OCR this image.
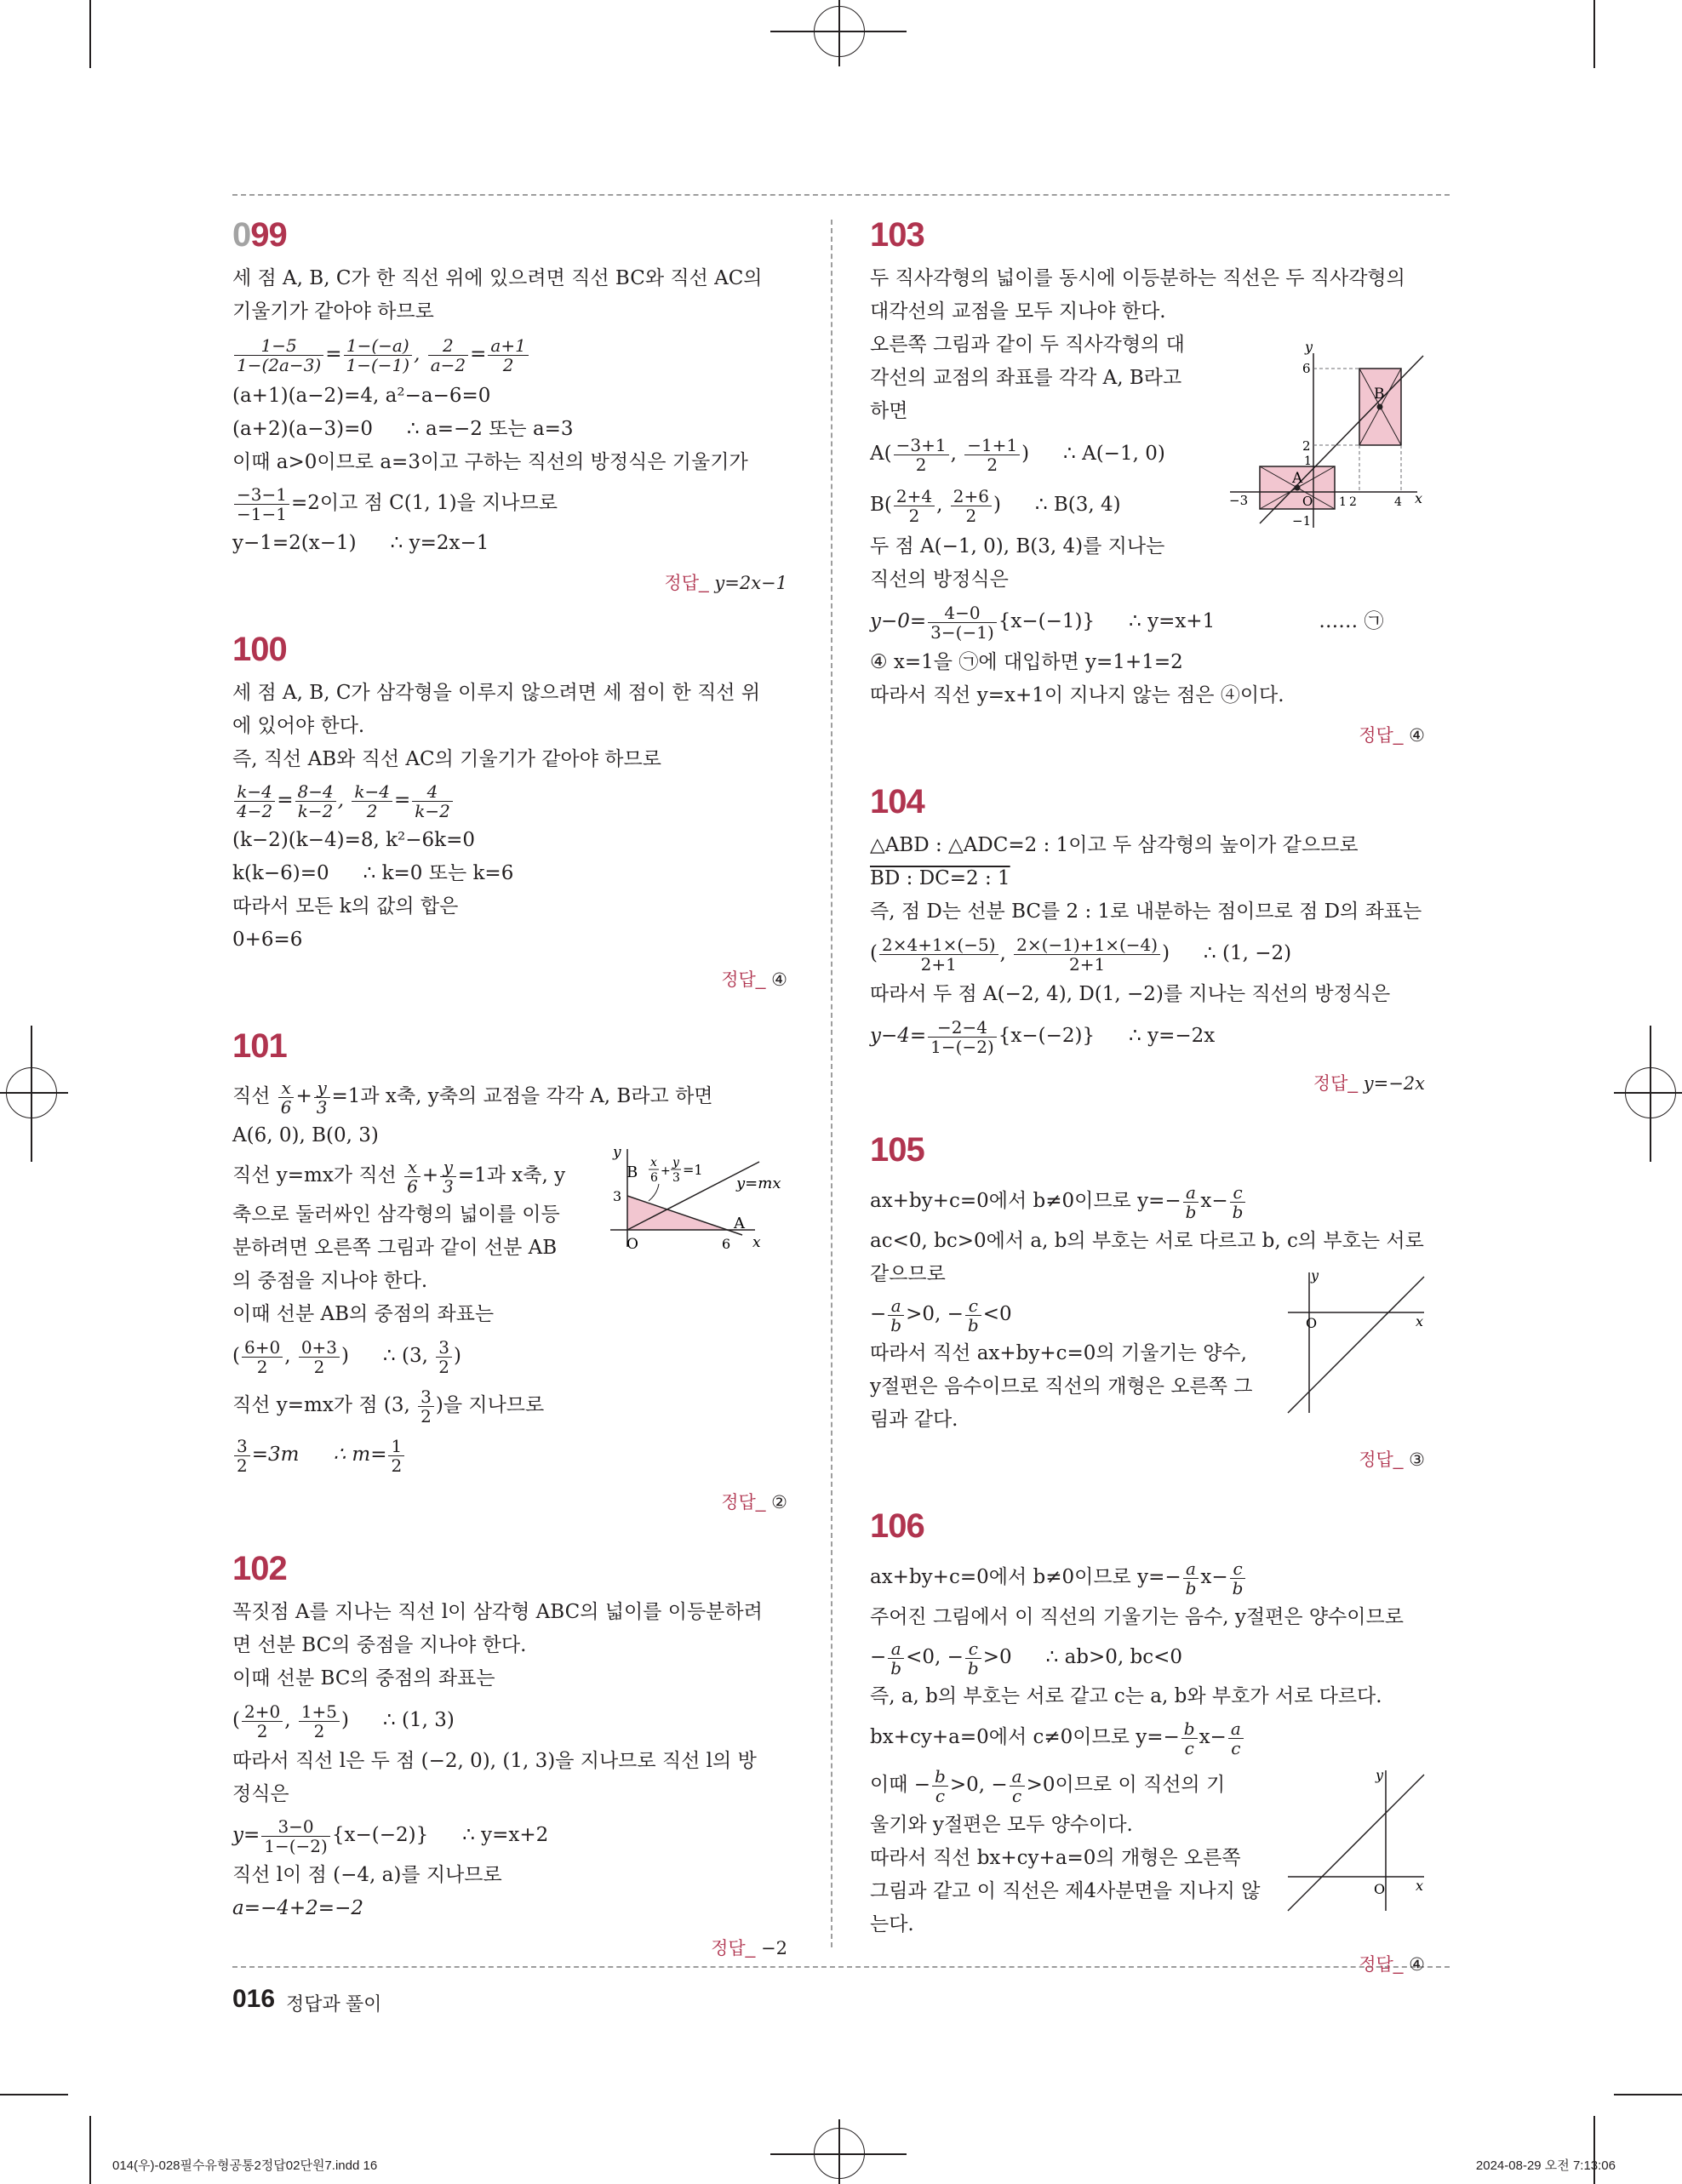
099

세 점 A, B, C가 한 직선 위에 있으려면 직선 BC와 직선 AC의

기울기가 같아야 하므로

$\frac{1-5}{1-(2a-3)} = \frac{1-(-a)}{1-(-1)}$ , $\frac{2}{a-2} = \frac{a+1}{2}$

(a+1)(a−2)=4, a²−a−6=0

(a+2)(a−3)=0 ∴ a=−2 또는 a=3

이때 a>0이므로 a=3이고 구하는 직선의 방정식은 기울기가

$\frac{-3-1}{-1-1} =2$이고 점 C(1, 1)을 지나므로

y−1=2(x−1) ∴ y=2x−1

정답_ y=2x−1
100

세 점 A, B, C가 삼각형을 이루지 않으려면 세 점이 한 직선 위

에 있어야 한다.

즉, 직선 AB와 직선 AC의 기울기가 같아야 하므로

$\frac{k-4}{4-2} = \frac{8-4}{k-2}$ , $\frac{k-4}{2} = \frac{4}{k-2}$

(k−2)(k−4)=8, k²−6k=0

k(k−6)=0 ∴ k=0 또는 k=6

따라서 모든 k의 값의 합은

0+6=6

정답_ ④
101

직선 $\frac{x}{6} + \frac{y}{3} =1$과 x축, y축의 교점을 각각 A, B라고 하면

A(6, 0), B(0, 3)

직선 y=mx가 직선 $\frac{x}{6} + \frac{y}{3} =1$과 x축, y

축으로 둘러싸인 삼각형의 넓이를 이등

분하려면 오른쪽 그림과 같이 선분 AB

의 중점을 지나야 한다.

이때 선분 AB의 중점의 좌표는

( $\frac{6+0}{2}$ , $\frac{0+3}{2}$ ) ∴ (3, $\frac{3}{2}$ )

직선 y=mx가 점 (3, $\frac{3}{2}$ )을 지나므로

$\frac{3}{2} =3m$ ∴ $m= \frac{1}{2}$

정답_ ②
102

꼭짓점 A를 지나는 직선 l이 삼각형 ABC의 넓이를 이등분하려

면 선분 BC의 중점을 지나야 한다.

이때 선분 BC의 중점의 좌표는

( $\frac{2+0}{2}$ , $\frac{1+5}{2}$ ) ∴ (1, 3)

따라서 직선 l은 두 점 (−2, 0), (1, 3)을 지나므로 직선 l의 방

정식은

$y= \frac{3-0}{1-(-2)} \{x-(-2)\}$ ∴ y=x+2

직선 l이 점 (−4, a)를 지나므로

a=−4+2=−2

정답_ −2
y
x
B
3
A
O	6
y=mx
x
6 +
y
3 =1
103

두 직사각형의 넓이를 동시에 이등분하는 직선은 두 직사각형의

대각선의 교점을 모두 지나야 한다.

오른쪽 그림과 같이 두 직사각형의 대

각선의 교점의 좌표를 각각 A, B라고

하면

$A( \frac{-3+1}{2}$ , $\frac{-1+1}{2}$ ) ∴ A(−1, 0)

$B( \frac{2+4}{2}$ , $\frac{2+6}{2}$ ) ∴ B(3, 4)

두 점 A(−1, 0), B(3, 4)를 지나는

직선의 방정식은

$y-0= \frac{4-0}{3-(-1)} \{x-(-1)\}$ ∴ y=x+1	…… ㉠

④ x=1을 ㉠에 대입하면 y=1+1=2

따라서 직선 y=x+1이 지나지 않는 점은 ④이다.

정답_ ④
104

△ABD : △ADC=2 : 1이고 두 삼각형의 높이가 같으므로

BD : DC=2 : 1

즉, 점 D는 선분 BC를 2 : 1로 내분하는 점이므로 점 D의 좌표는

( $\frac{2\times 4+1\times(-5)}{2+1}$ , $\frac{2\times(-1)+1\times(-4)}{2+1}$ ) ∴ (1, −2)

따라서 두 점 A(−2, 4), D(1, −2)를 지나는 직선의 방정식은

$y-4= \frac{-2-4}{1-(-2)} \{x-(-2)\}$ ∴ y=−2x

정답_ y=−2x
105

ax+by+c=0에서 b≠0이므로 $y=- \frac{a}{b} x- \frac{c}{b}$

ac<0, bc>0에서 a, b의 부호는 서로 다르고 b, c의 부호는 서로

같으므로

− $\frac{a}{b} >0$, − $\frac{c}{b} <0$

따라서 직선 ax+by+c=0의 기울기는 양수,

y절편은 음수이므로 직선의 개형은 오른쪽 그

림과 같다.

정답_ ③
106

ax+by+c=0에서 b≠0이므로 $y=- \frac{a}{b} x- \frac{c}{b}$

주어진 그림에서 이 직선의 기울기는 음수, y절편은 양수이므로

− $\frac{a}{b} <0$, − $\frac{c}{b} >0$ ∴ ab>0, bc<0

즉, a, b의 부호는 서로 같고 c는 a, b와 부호가 서로 다르다.

bx+cy+a=0에서 c≠0이므로 $y=- \frac{b}{c} x- \frac{a}{c}$

이때 − $\frac{b}{c} >0$, − $\frac{a}{c} >0$이므로 이 직선의 기

울기와 y절편은 모두 양수이다.

따라서 직선 bx+cy+a=0의 개형은 오른쪽

그림과 같고 이 직선은 제4사분면을 지나지 않

는다.

정답_ ④
y
x
6
2
1
−3
−1
O 1 2	4
A
B
y
x
O
y
x
O
016 정답과 풀이
014(우)-028필수유형공통2정답02단원7.indd 16	2024-08-29 오전 7:13:06
